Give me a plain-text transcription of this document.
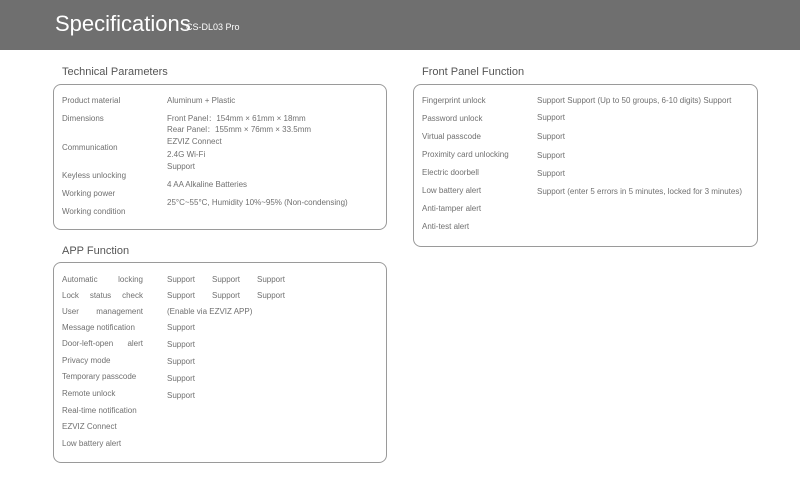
Specifications
CS-DL03 Pro
Technical Parameters
Product material	Aluminum + Plastic
Dimensions	Front Panel：154mm × 61mm × 18mm
Rear Panel：155mm × 76mm × 33.5mm
Communication
EZVIZ Connect
2.4G Wi-Fi
Keyless unlocking
Support
Working power
4 AA Alkaline Batteries
Working condition
25°C~55°C, Humidity 10%~95% (Non-condensing)
APP Function
Automatic locking
Lock status check
User management
Message notification
Door-left-open alert
Privacy mode
Temporary passcode
Remote unlock
Real-time notification
EZVIZ Connect
Low battery alert
Support Support Support
Support Support Support
(Enable via EZVIZ APP)
Support
Support
Support
Support
Support
Front Panel Function
Fingerprint unlock
Password unlock
Virtual passcode
Proximity card unlocking
Electric doorbell
Low battery alert
Anti-tamper alert
Anti-test alert
Support Support (Up to 50 groups, 6-10 digits) Support
Support
Support
Support
Support
Support (enter 5 errors in 5 minutes, locked for 3 minutes)
